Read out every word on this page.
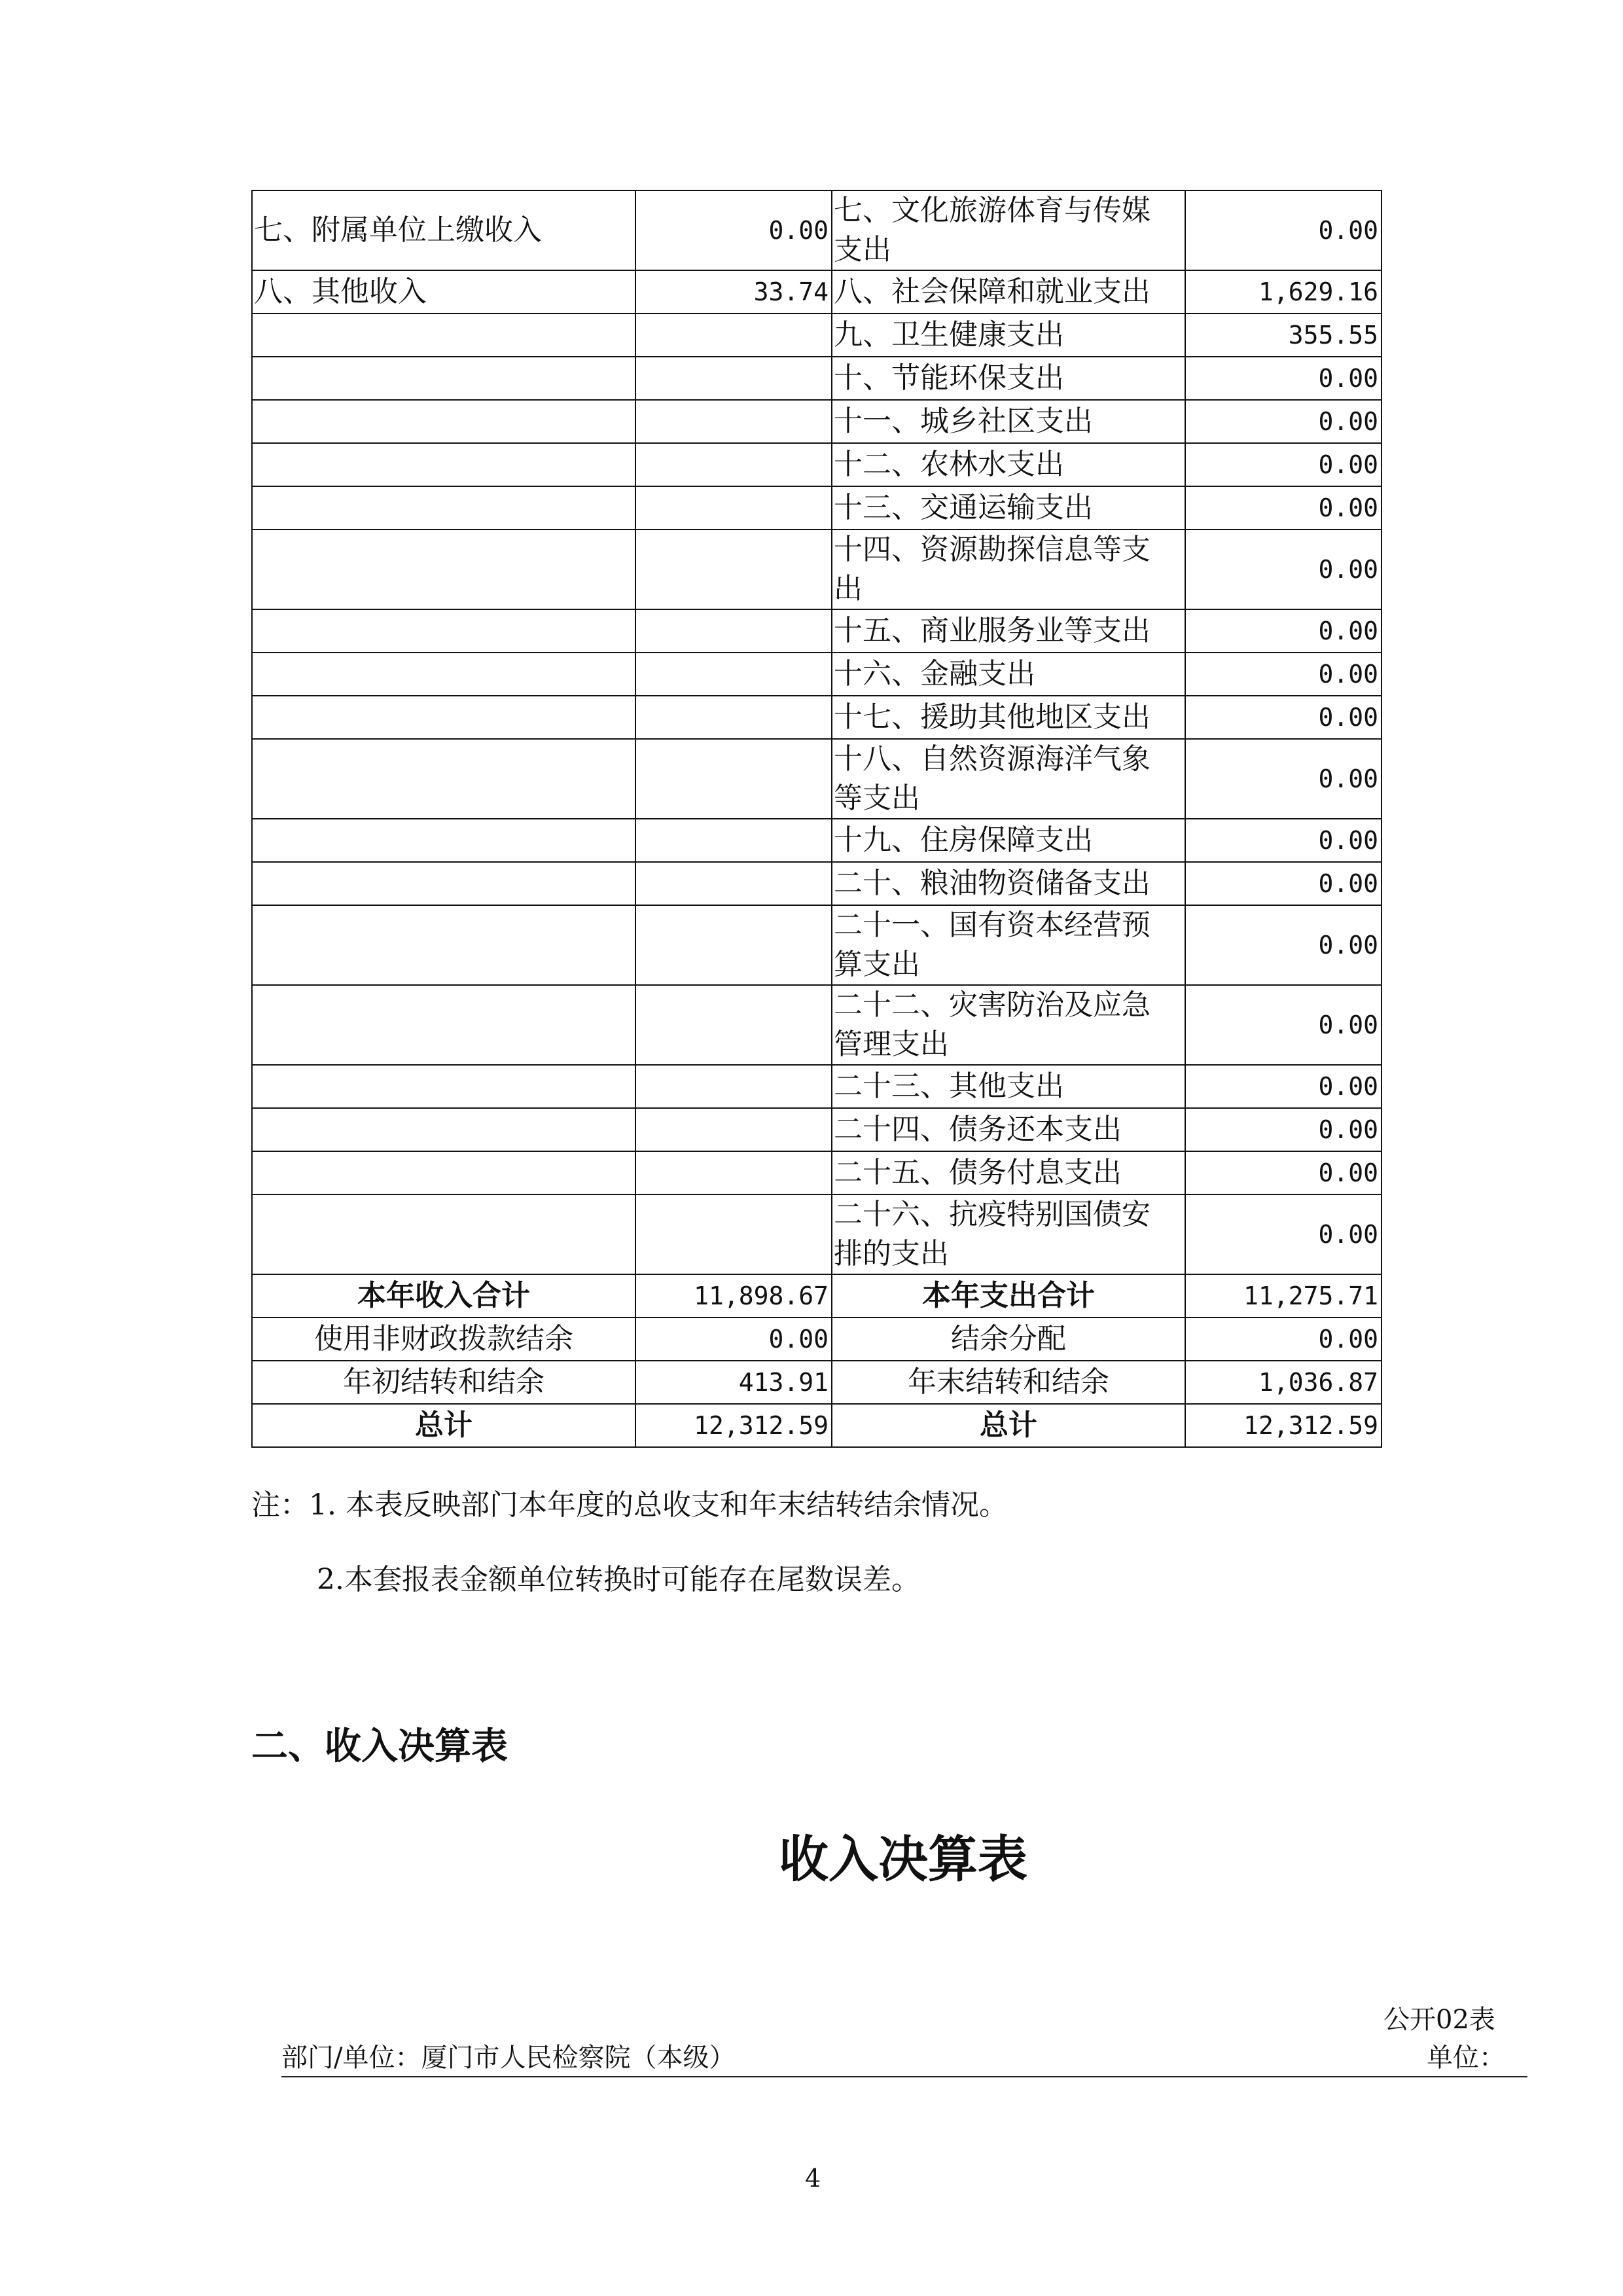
七、附属单位上缴收入	0.00	七、文化旅游体育与传媒支出	0.00
八、其他收入	33.74	八、社会保障和就业支出	1,629.16
		九、卫生健康支出	355.55
		十、节能环保支出	0.00
		十一、城乡社区支出	0.00
		十二、农林水支出	0.00
		十三、交通运输支出	0.00
		十四、资源勘探信息等支出	0.00
		十五、商业服务业等支出	0.00
		十六、金融支出	0.00
		十七、援助其他地区支出	0.00
		十八、自然资源海洋气象等支出	0.00
		十九、住房保障支出	0.00
		二十、粮油物资储备支出	0.00
		二十一、国有资本经营预算支出	0.00
		二十二、灾害防治及应急管理支出	0.00
		二十三、其他支出	0.00
		二十四、债务还本支出	0.00
		二十五、债务付息支出	0.00
		二十六、抗疫特别国债安排的支出	0.00
本年收入合计	11,898.67	本年支出合计	11,275.71
使用非财政拨款结余	0.00	结余分配	0.00
年初结转和结余	413.91	年末结转和结余	1,036.87
总计	12,312.59	总计	12,312.59
注：1. 本表反映部门本年度的总收支和年末结转结余情况。
2.本套报表金额单位转换时可能存在尾数误差。
二、收入决算表
收入决算表
公开02表
部门/单位：厦门市人民检察院（本级）	单位：
4
